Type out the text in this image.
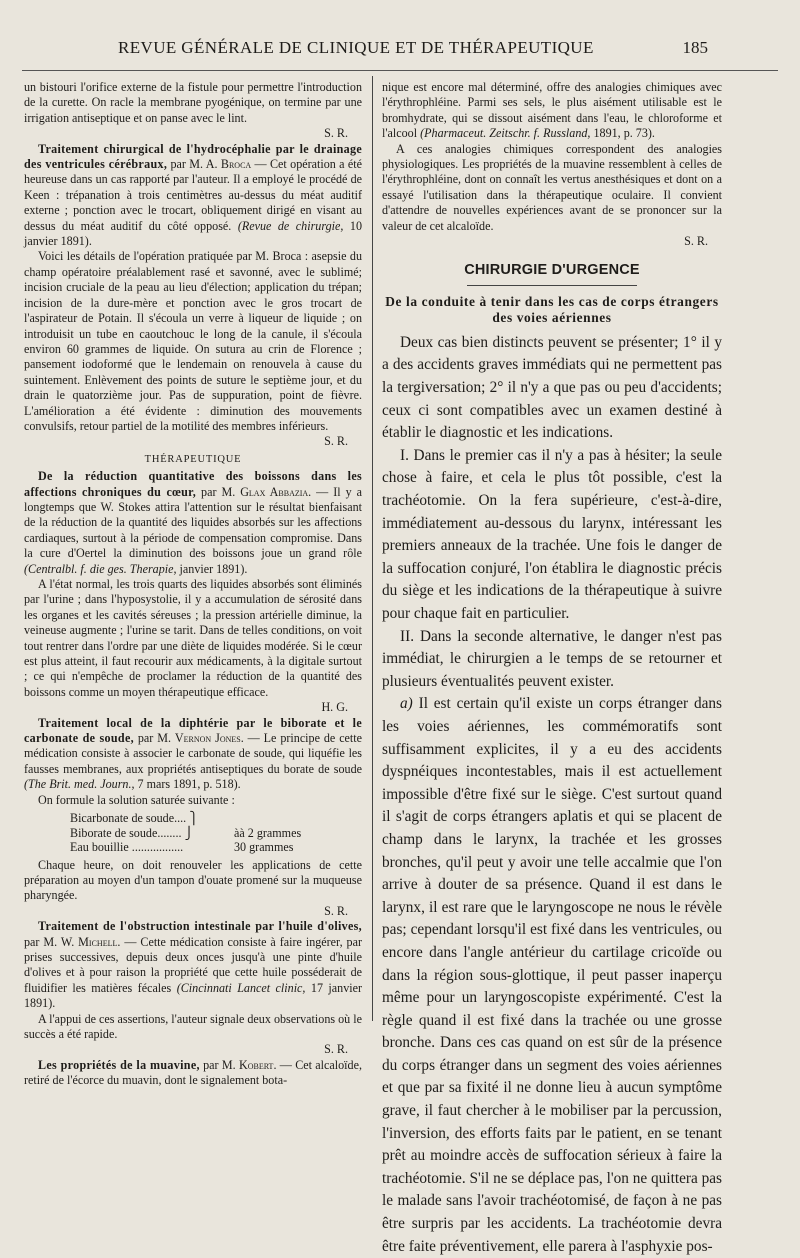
REVUE GÉNÉRALE DE CLINIQUE ET DE THÉRAPEUTIQUE	185

un bistouri l'orifice externe de la fistule pour permettre l'introduction de la curette. On racle la membrane pyogénique, on termine par une irrigation antiseptique et on panse avec le lint.

S. R.

Traitement chirurgical de l'hydrocéphalie par le drainage des ventricules cérébraux, par M. A. Broca — Cet opération a été heureuse dans un cas rapporté par l'auteur. Il a employé le procédé de Keen : trépanation à trois centimètres au-dessus du méat auditif externe ; ponction avec le trocart, obliquement dirigé en visant au dessus du méat auditif du côté opposé. (Revue de chirurgie, 10 janvier 1891).

Voici les détails de l'opération pratiquée par M. Broca : asepsie du champ opératoire préalablement rasé et savonné, avec le sublimé; incision cruciale de la peau au lieu d'élection; application du trépan; incision de la dure-mère et ponction avec le gros trocart de l'aspirateur de Potain. Il s'écoula un verre à liqueur de liquide ; on introduisit un tube en caoutchouc le long de la canule, il s'écoula environ 60 grammes de liquide. On sutura au crin de Florence ; pansement iodoformé que le lendemain on renouvela à cause du suintement. Enlèvement des points de suture le septième jour, et du drain le quatorzième jour. Pas de suppuration, point de fièvre. L'amélioration a été évidente : diminution des mouvements convulsifs, retour partiel de la motilité des membres inférieurs.

S. R.

THÉRAPEUTIQUE

De la réduction quantitative des boissons dans les affections chroniques du cœur, par M. Glax Abbazia. — Il y a longtemps que W. Stokes attira l'attention sur le résultat bienfaisant de la réduction de la quantité des liquides absorbés sur les affections cardiaques, surtout à la période de compensation compromise. Dans la cure d'Oertel la diminution des boissons joue un grand rôle (Centralbl. f. die ges. Therapie, janvier 1891).

A l'état normal, les trois quarts des liquides absorbés sont éliminés par l'urine ; dans l'hyposystolie, il y a accumulation de sérosité dans les organes et les cavités séreuses ; la pression artérielle diminue, la veineuse augmente ; l'urine se tarit. Dans de telles conditions, on voit tout rentrer dans l'ordre par une diète de liquides modérée. Si le cœur est plus atteint, il faut recourir aux médicaments, à la digitale surtout ; ce qui n'empêche de proclamer la réduction de la quantité des boissons comme un moyen thérapeutique efficace.

H. G.

Traitement local de la diphtérie par le biborate et le carbonate de soude, par M. Vernon Jones. — Le principe de cette médication consiste à associer le carbonate de soude, qui liquéfie les fausses membranes, aux propriétés antiseptiques du borate de soude (The Brit. med. Journ., 7 mars 1891, p. 518).

On formule la solution saturée suivante :

Bicarbonate de soude.... ⎫
Biborate de soude........ ⎭	àà 2 grammes
Eau bouillie .................	30 grammes

Chaque heure, on doit renouveler les applications de cette préparation au moyen d'un tampon d'ouate promené sur la muqueuse pharyngée.

S. R.

Traitement de l'obstruction intestinale par l'huile d'olives, par M. W. Michell. — Cette médication consiste à faire ingérer, par prises successives, depuis deux onces jusqu'à une pinte d'huile d'olives et à pour raison la propriété que cette huile posséderait de fluidifier les matières fécales (Cincinnati Lancet clinic, 17 janvier 1891).

A l'appui de ces assertions, l'auteur signale deux observations où le succès a été rapide.

S. R.

Les propriétés de la muavine, par M. Kobert. — Cet alcaloïde, retiré de l'écorce du muavin, dont le signalement bota-

nique est encore mal déterminé, offre des analogies chimiques avec l'érythrophléine. Parmi ses sels, le plus aisément utilisable est le bromhydrate, qui se dissout aisément dans l'eau, le chloroforme et l'alcool (Pharmaceut. Zeitschr. f. Russland, 1891, p. 73).

A ces analogies chimiques correspondent des analogies physiologiques. Les propriétés de la muavine ressemblent à celles de l'érythrophléine, dont on connaît les vertus anesthésiques et dont on a essayé l'utilisation dans la thérapeutique oculaire. Il convient d'attendre de nouvelles expériences avant de se prononcer sur la valeur de cet alcaloïde.

S. R.

CHIRURGIE D'URGENCE
De la conduite à tenir dans les cas de corps étrangers des voies aériennes

Deux cas bien distincts peuvent se présenter; 1° il y a des accidents graves immédiats qui ne permettent pas la tergiversation; 2° il n'y a que pas ou peu d'accidents; ceux ci sont compatibles avec un examen destiné à établir le diagnostic et les indications.

I. Dans le premier cas il n'y a pas à hésiter; la seule chose à faire, et cela le plus tôt possible, c'est la trachéotomie. On la fera supérieure, c'est-à-dire, immédiatement au-dessous du larynx, intéressant les premiers anneaux de la trachée. Une fois le danger de la suffocation conjuré, l'on établira le diagnostic précis du siège et les indications de la thérapeutique à suivre pour chaque fait en particulier.

II. Dans la seconde alternative, le danger n'est pas immédiat, le chirurgien a le temps de se retourner et plusieurs éventualités peuvent exister.

a) Il est certain qu'il existe un corps étranger dans les voies aériennes, les commémoratifs sont suffisamment explicites, il y a eu des accidents dyspnéiques incontestables, mais il est actuellement impossible d'être fixé sur le siège. C'est surtout quand il s'agit de corps étrangers aplatis et qui se placent de champ dans le larynx, la trachée et les grosses bronches, qu'il peut y avoir une telle accalmie que l'on arrive à douter de sa présence. Quand il est dans le larynx, il est rare que le laryngoscope ne nous le révèle pas; cependant lorsqu'il est fixé dans les ventricules, ou encore dans l'angle antérieur du cartilage cricoïde ou dans la région sous-glottique, il peut passer inaperçu même pour un laryngoscopiste expérimenté. C'est la règle quand il est fixé dans la trachée ou une grosse bronche. Dans ces cas quand on est sûr de la présence du corps étranger dans un segment des voies aériennes et que par sa fixité il ne donne lieu à aucun symptôme grave, il faut chercher à le mobiliser par la percussion, l'inversion, des efforts faits par le patient, en se tenant prêt au moindre accès de suffocation sérieux à faire la trachéotomie. S'il ne se déplace pas, l'on ne quittera pas le malade sans l'avoir trachéotomisé, de façon à ne pas être surpris par les accidents. La trachéotomie devra être faite préventivement, elle parera à l'asphyxie pos-
